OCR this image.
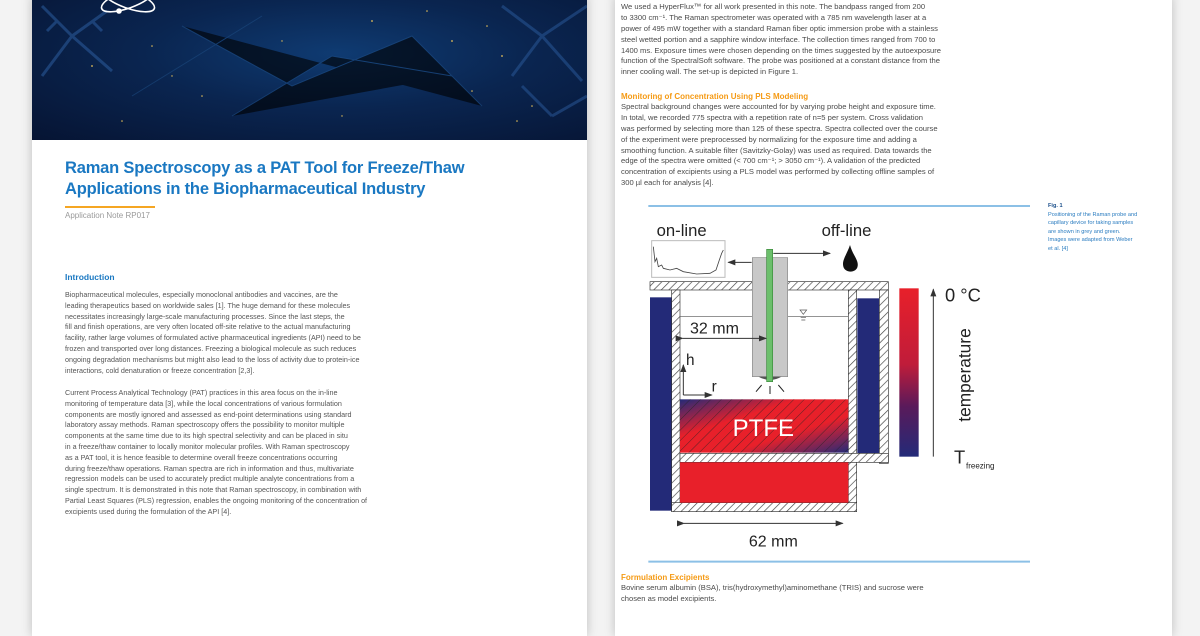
Raman Spectroscopy as a PAT Tool for Freeze/Thaw
Applications in the Biopharmaceutical Industry
Application Note RP017
Introduction
Biopharmaceutical molecules, especially monoclonal antibodies and vaccines, are the
leading therapeutics based on worldwide sales [1]. The huge demand for these molecules
necessitates increasingly large-scale manufacturing processes. Since the last steps, the
fill and finish operations, are very often located off-site relative to the actual manufacturing
facility, rather large volumes of formulated active pharmaceutical ingredients (API) need to be
frozen and transported over long distances. Freezing a biological molecule as such reduces
ongoing degradation mechanisms but might also lead to the loss of activity due to protein-ice
interactions, cold denaturation or freeze concentration [2,3].
Current Process Analytical Technology (PAT) practices in this area focus on the in-line
monitoring of temperature data [3], while the local concentrations of various formulation
components are mostly ignored and assessed as end-point determinations using standard
laboratory assay methods. Raman spectroscopy offers the possibility to monitor multiple
components at the same time due to its high spectral selectivity and can be placed in situ
in a freeze/thaw container to locally monitor molecular profiles. With Raman spectroscopy
as a PAT tool, it is hence feasible to determine overall freeze concentrations occurring
during freeze/thaw operations. Raman spectra are rich in information and thus, multivariate
regression models can be used to accurately predict multiple analyte concentrations from a
single spectrum. It is demonstrated in this note that Raman spectroscopy, in combination with
Partial Least Squares (PLS) regression, enables the ongoing monitoring of the concentration of
excipients used during the formulation of the API [4].
We used a HyperFlux™ for all work presented in this note. The bandpass ranged from 200
to 3300 cm⁻¹. The Raman spectrometer was operated with a 785 nm wavelength laser at a
power of 495 mW together with a standard Raman fiber optic immersion probe with a stainless
steel wetted portion and a sapphire window interface. The collection times ranged from 700 to
1400 ms. Exposure times were chosen depending on the times suggested by the autoexposure
function of the SpectralSoft software. The probe was positioned at a constant distance from the
inner cooling wall. The set-up is depicted in Figure 1.
Monitoring of Concentration Using PLS Modeling
Spectral background changes were accounted for by varying probe height and exposure time.
In total, we recorded 775 spectra with a repetition rate of n=5 per system. Cross validation
was performed by selecting more than 125 of these spectra. Spectra collected over the course
of the experiment were preprocessed by normalizing for the exposure time and adding a
smoothing function. A suitable filter (Savitzky-Golay) was used as required. Data towards the
edge of the spectra were omitted (< 700 cm⁻¹; > 3050 cm⁻¹). A validation of the predicted
concentration of excipients using a PLS model was performed by collecting offline samples of
300 µl each for analysis [4].
Fig. 1
Positioning of the Raman probe and capillary device for taking samples are shown in grey and green. Images were adapted from Weber et al. [4]
Formulation Excipients
Bovine serum albumin (BSA), tris(hydroxymethyl)aminomethane (TRIS) and sucrose were
chosen as model excipients.
on-line off-line
PTFE
32 mm
h
r
62 mm
0 °C
temperature
T freezing
